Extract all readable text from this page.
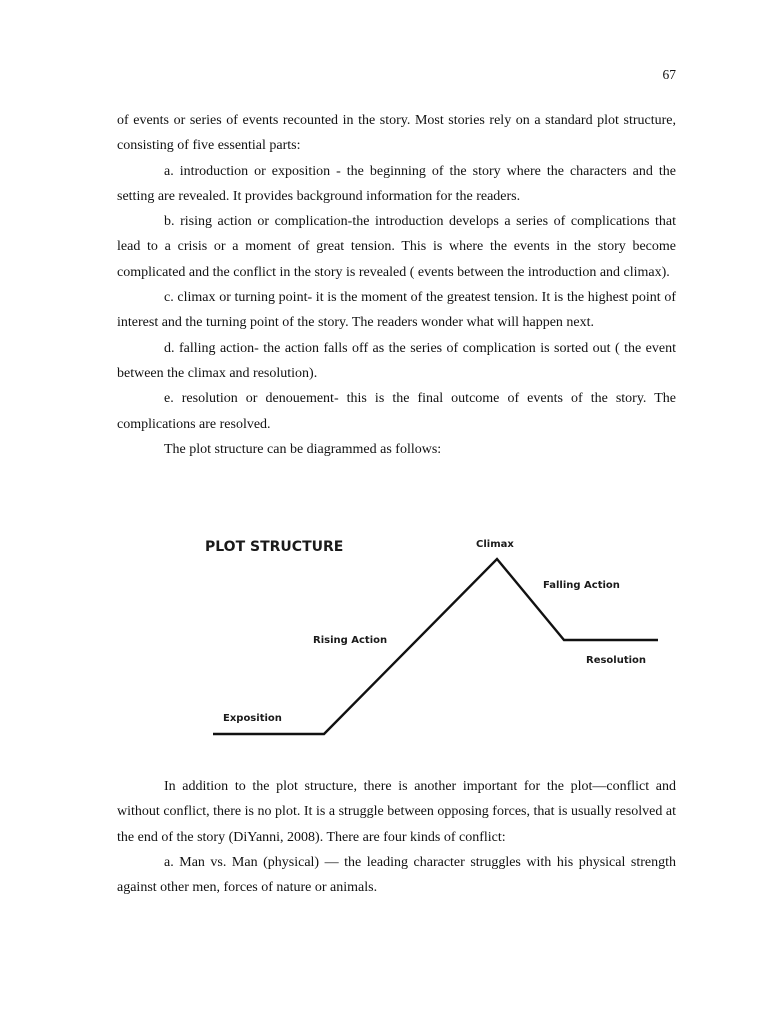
67

of events or series of events recounted in the story. Most stories rely on a standard plot structure, consisting of five essential parts:

a. introduction or exposition - the beginning of the story where the characters and the setting are revealed. It provides background information for the readers.

b. rising action or complication-the introduction develops a series of complications that lead to a crisis or a moment of great tension. This is where the events in the story become complicated and the conflict in the story is revealed ( events between the introduction and climax).

c. climax or turning point- it is the moment of the greatest tension. It is the highest point of interest and the turning point of the story. The readers wonder what will happen next.

d. falling action- the action falls off as the series of complication is sorted out ( the event between the climax and resolution).

e. resolution or denouement- this is the final outcome of events of the story. The complications are resolved.

The plot structure can be diagrammed as follows:

PLOT STRUCTURE	Climax
Falling Action
Rising Action
Resolution
Exposition

In addition to the plot structure, there is another important for the plot—conflict and without conflict, there is no plot. It is a struggle between opposing forces, that is usually resolved at the end of the story (DiYanni, 2008). There are four kinds of conflict:

a. Man vs. Man (physical) — the leading character struggles with his physical strength against other men, forces of nature or animals.
